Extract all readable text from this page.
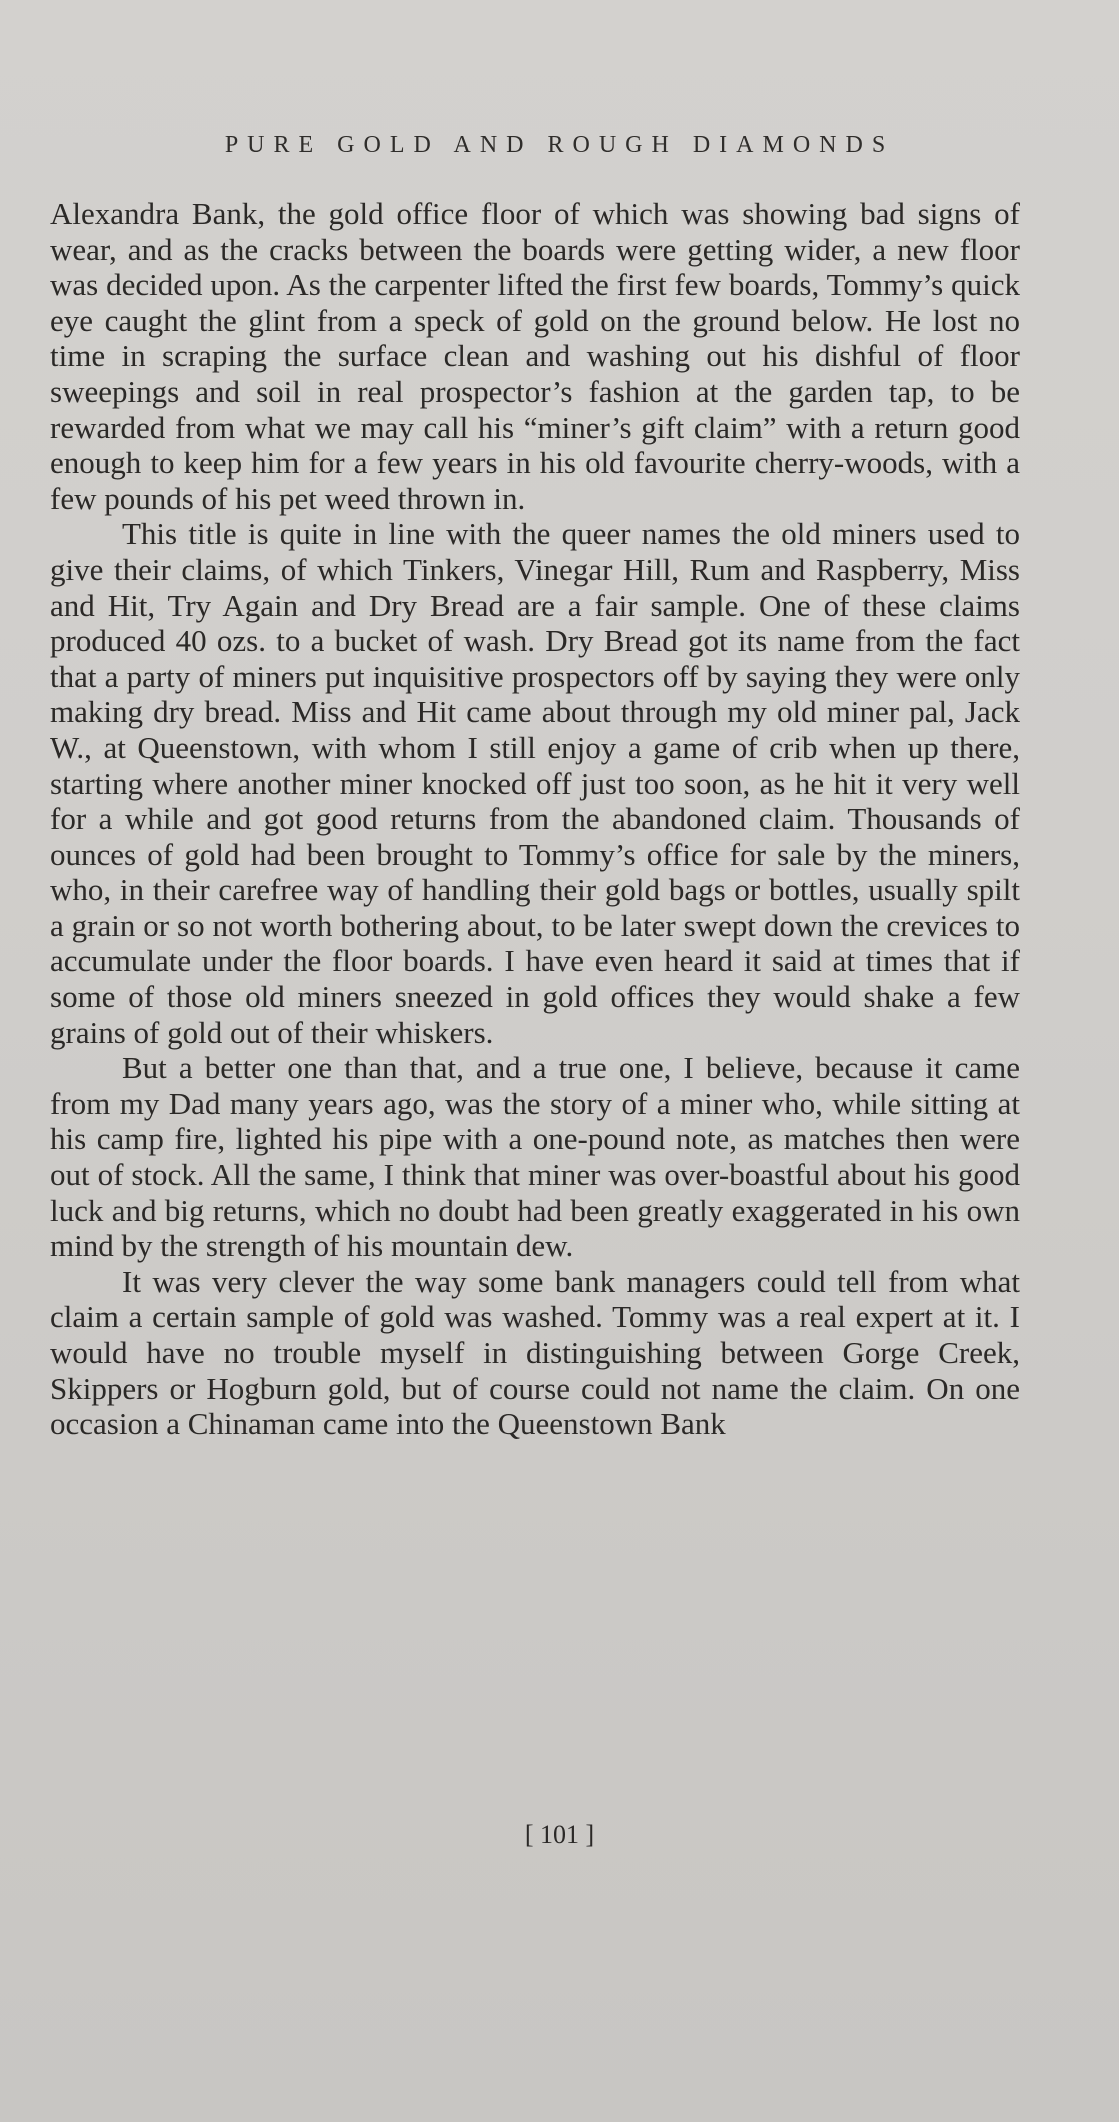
PURE GOLD AND ROUGH DIAMONDS

Alexandra Bank, the gold office floor of which was showing bad signs of wear, and as the cracks between the boards were getting wider, a new floor was decided upon. As the carpenter lifted the first few boards, Tommy’s quick eye caught the glint from a speck of gold on the ground below. He lost no time in scraping the surface clean and washing out his dishful of floor sweepings and soil in real prospector’s fashion at the garden tap, to be rewarded from what we may call his “miner’s gift claim” with a return good enough to keep him for a few years in his old favourite cherry-woods, with a few pounds of his pet weed thrown in.

This title is quite in line with the queer names the old miners used to give their claims, of which Tinkers, Vinegar Hill, Rum and Raspberry, Miss and Hit, Try Again and Dry Bread are a fair sample. One of these claims produced 40 ozs. to a bucket of wash. Dry Bread got its name from the fact that a party of miners put inquisitive prospectors off by saying they were only making dry bread. Miss and Hit came about through my old miner pal, Jack W., at Queenstown, with whom I still enjoy a game of crib when up there, starting where another miner knocked off just too soon, as he hit it very well for a while and got good returns from the abandoned claim. Thousands of ounces of gold had been brought to Tommy’s office for sale by the miners, who, in their carefree way of handling their gold bags or bottles, usually spilt a grain or so not worth bothering about, to be later swept down the crevices to accumulate under the floor boards. I have even heard it said at times that if some of those old miners sneezed in gold offices they would shake a few grains of gold out of their whiskers.

But a better one than that, and a true one, I believe, because it came from my Dad many years ago, was the story of a miner who, while sitting at his camp fire, lighted his pipe with a one-pound note, as matches then were out of stock. All the same, I think that miner was over-boastful about his good luck and big returns, which no doubt had been greatly exaggerated in his own mind by the strength of his mountain dew.

It was very clever the way some bank managers could tell from what claim a certain sample of gold was washed. Tommy was a real expert at it. I would have no trouble myself in distinguishing between Gorge Creek, Skippers or Hogburn gold, but of course could not name the claim. On one occasion a Chinaman came into the Queenstown Bank

[ 101 ]
